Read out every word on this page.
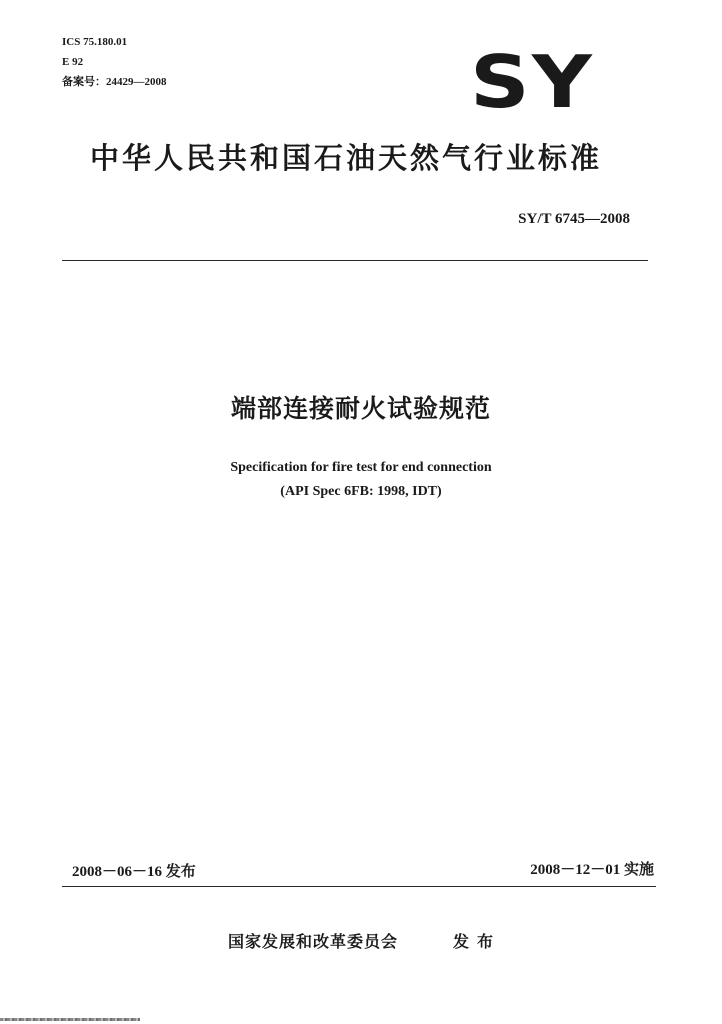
ICS 75.180.01
E 92
备案号：24429—2008	SY
中华人民共和国石油天然气行业标准
SY/T 6745—2008
端部连接耐火试验规范
Specification for fire test for end connection
(API Spec 6FB: 1998, IDT)
2008－06－16 发布	2008－12－01 实施
国家发展和改革委员会	发布
